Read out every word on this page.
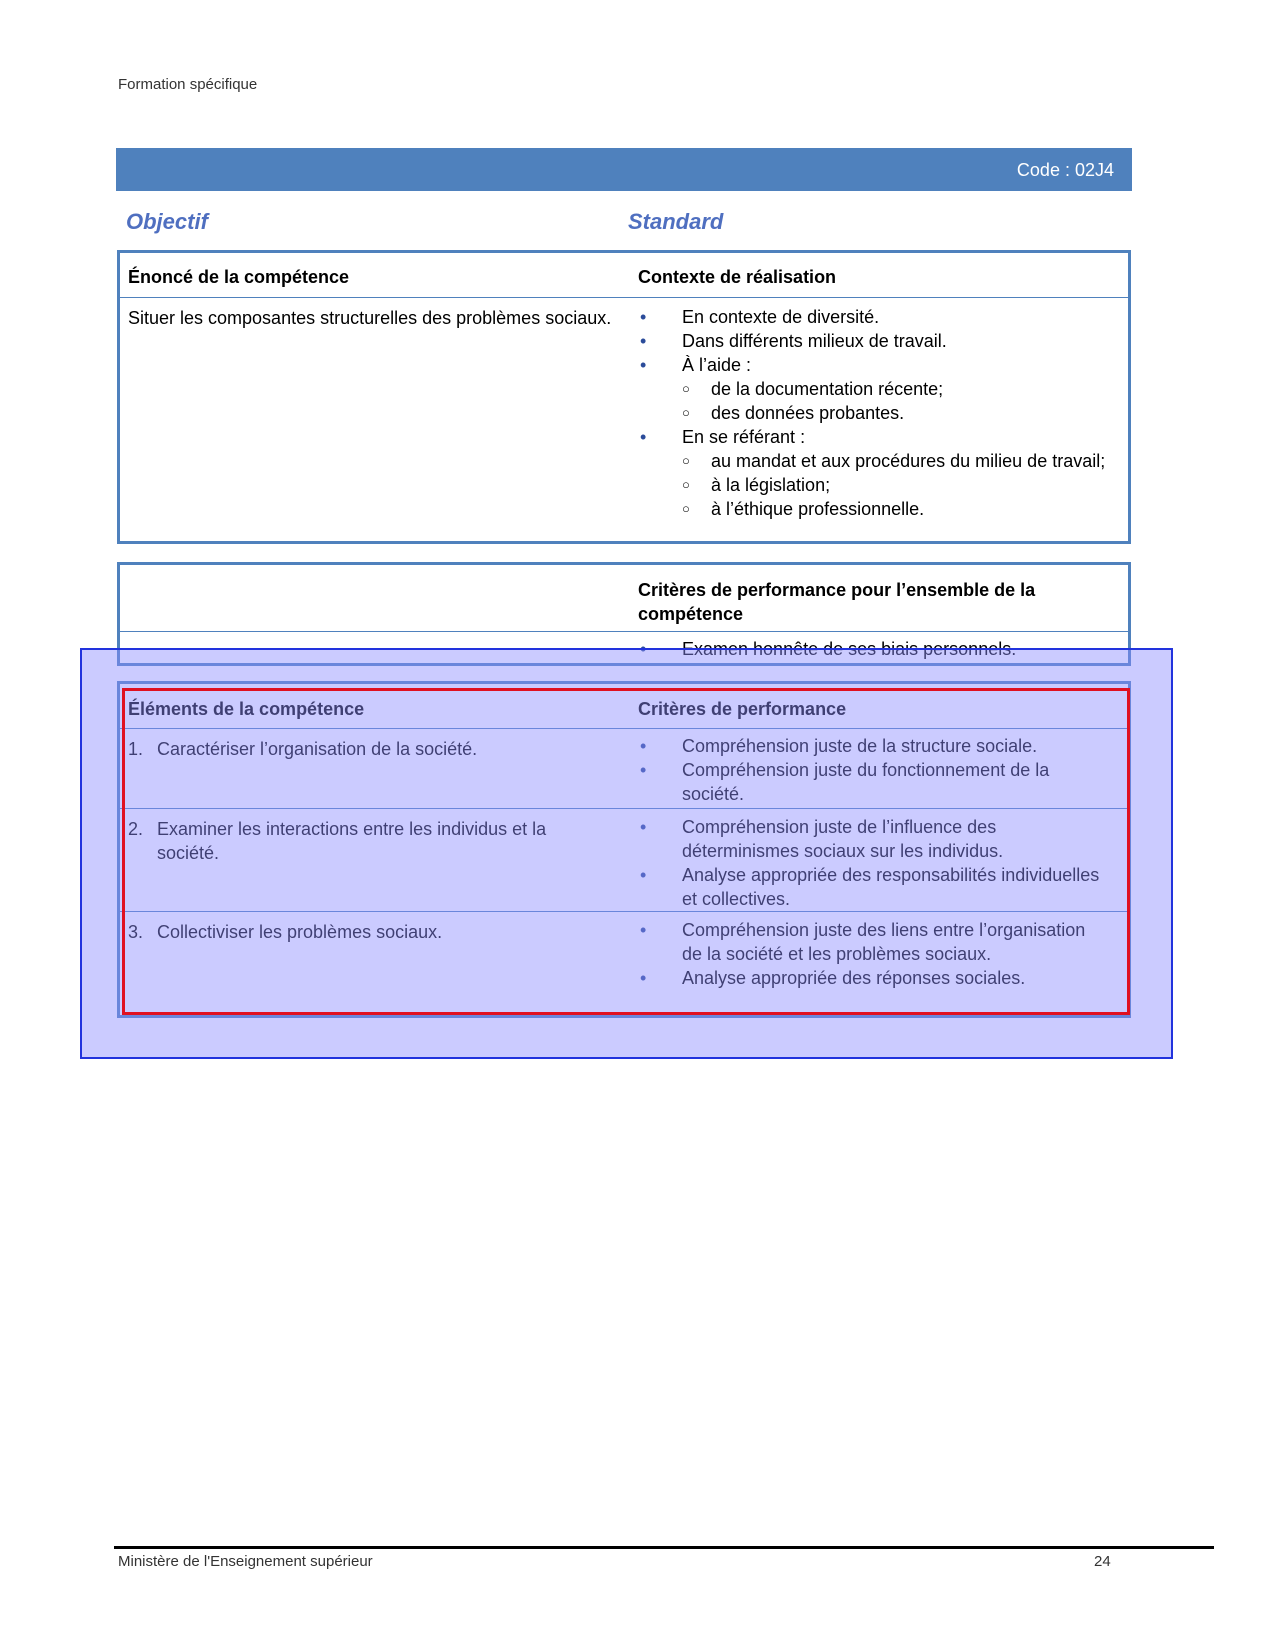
Formation spécifique
Code : 02J4
Objectif	Standard
Énoncé de la compétence	Contexte de réalisation
Situer les composantes structurelles des problèmes sociaux.	• En contexte de diversité.
• Dans différents milieux de travail.
• À l’aide :
○ de la documentation récente;
○ des données probantes.
• En se référant :
○ au mandat et aux procédures du milieu de travail;
○ à la législation;
○ à l’éthique professionnelle.
Critères de performance pour l’ensemble de la compétence
• Examen honnête de ses biais personnels.
Éléments de la compétence	Critères de performance
1. Caractériser l’organisation de la société.	• Compréhension juste de la structure sociale.
• Compréhension juste du fonctionnement de la société.
2. Examiner les interactions entre les individus et la société.
• Compréhension juste de l’influence des déterminismes sociaux sur les individus.
• Analyse appropriée des responsabilités individuelles et collectives.
3. Collectiviser les problèmes sociaux.	• Compréhension juste des liens entre l’organisation de la société et les problèmes sociaux.
• Analyse appropriée des réponses sociales.
Ministère de l'Enseignement supérieur	24
